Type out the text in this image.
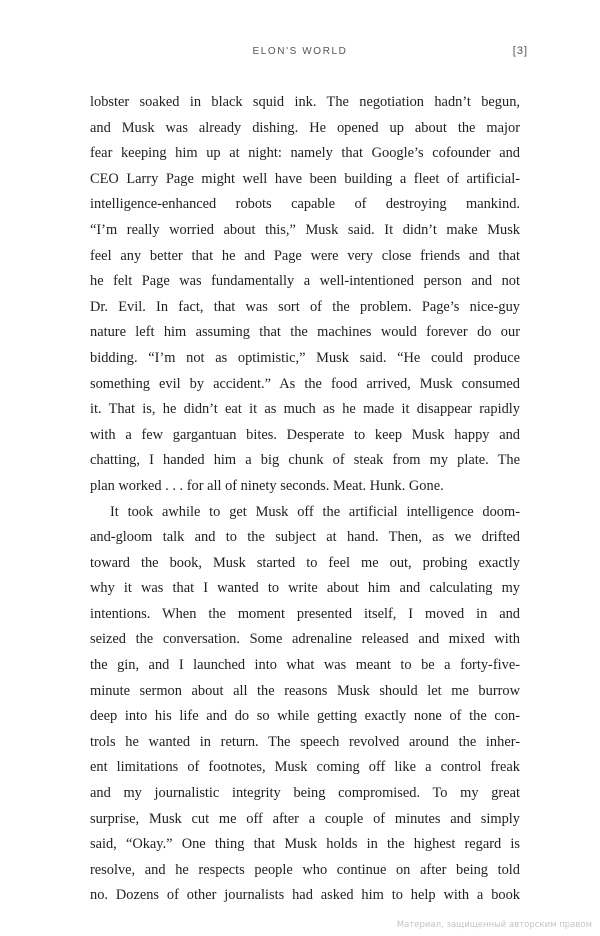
ELON'S WORLD	[3]
lobster soaked in black squid ink. The negotiation hadn’t begun,
and Musk was already dishing. He opened up about the major
fear keeping him up at night: namely that Google’s cofounder and
CEO Larry Page might well have been building a fleet of artificial-
intelligence-enhanced robots capable of destroying mankind.
“I’m really worried about this,” Musk said. It didn’t make Musk
feel any better that he and Page were very close friends and that
he felt Page was fundamentally a well-intentioned person and not
Dr. Evil. In fact, that was sort of the problem. Page’s nice-guy
nature left him assuming that the machines would forever do our
bidding. “I’m not as optimistic,” Musk said. “He could produce
something evil by accident.” As the food arrived, Musk consumed
it. That is, he didn’t eat it as much as he made it disappear rapidly
with a few gargantuan bites. Desperate to keep Musk happy and
chatting, I handed him a big chunk of steak from my plate. The
plan worked . . . for all of ninety seconds. Meat. Hunk. Gone.
It took awhile to get Musk off the artificial intelligence doom-
and-gloom talk and to the subject at hand. Then, as we drifted
toward the book, Musk started to feel me out, probing exactly
why it was that I wanted to write about him and calculating my
intentions. When the moment presented itself, I moved in and
seized the conversation. Some adrenaline released and mixed with
the gin, and I launched into what was meant to be a forty-five-
minute sermon about all the reasons Musk should let me burrow
deep into his life and do so while getting exactly none of the con-
trols he wanted in return. The speech revolved around the inher-
ent limitations of footnotes, Musk coming off like a control freak
and my journalistic integrity being compromised. To my great
surprise, Musk cut me off after a couple of minutes and simply
said, “Okay.” One thing that Musk holds in the highest regard is
resolve, and he respects people who continue on after being told
no. Dozens of other journalists had asked him to help with a book
Материал, защищенный авторским правом
